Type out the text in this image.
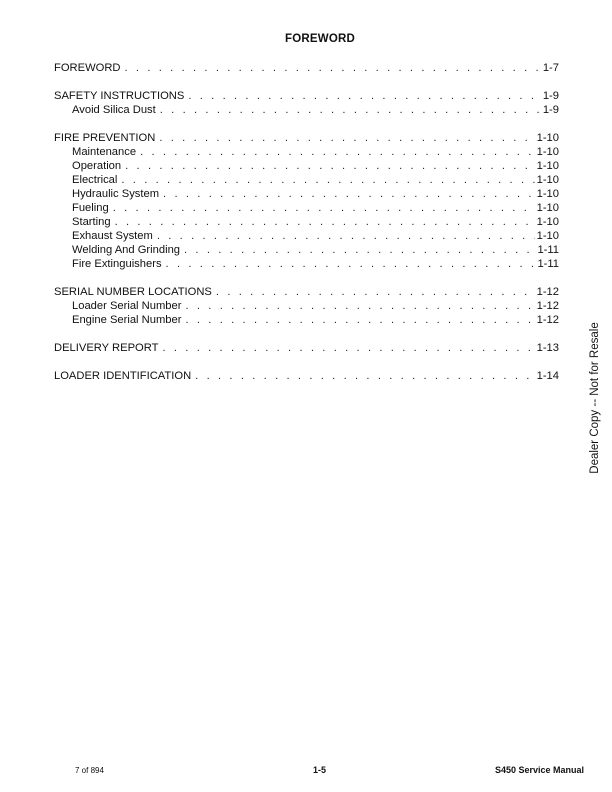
FOREWORD
FOREWORD . . .	1-7
SAFETY INSTRUCTIONS . . .	1-9
Avoid Silica Dust . . .	1-9
FIRE PREVENTION . . .	1-10
Maintenance . . .	1-10
Operation . . .	1-10
Electrical . . .	1-10
Hydraulic System . . .	1-10
Fueling . . .	1-10
Starting . . .	1-10
Exhaust System . . .	1-10
Welding And Grinding . . .	1-11
Fire Extinguishers . . .	1-11
SERIAL NUMBER LOCATIONS . . .	1-12
Loader Serial Number . . .	1-12
Engine Serial Number . . .	1-12
DELIVERY REPORT . . .	1-13
LOADER IDENTIFICATION . . .	1-14	Dealer Copy -- Not for Resale
7 of 894	1-5	S450 Service Manual
